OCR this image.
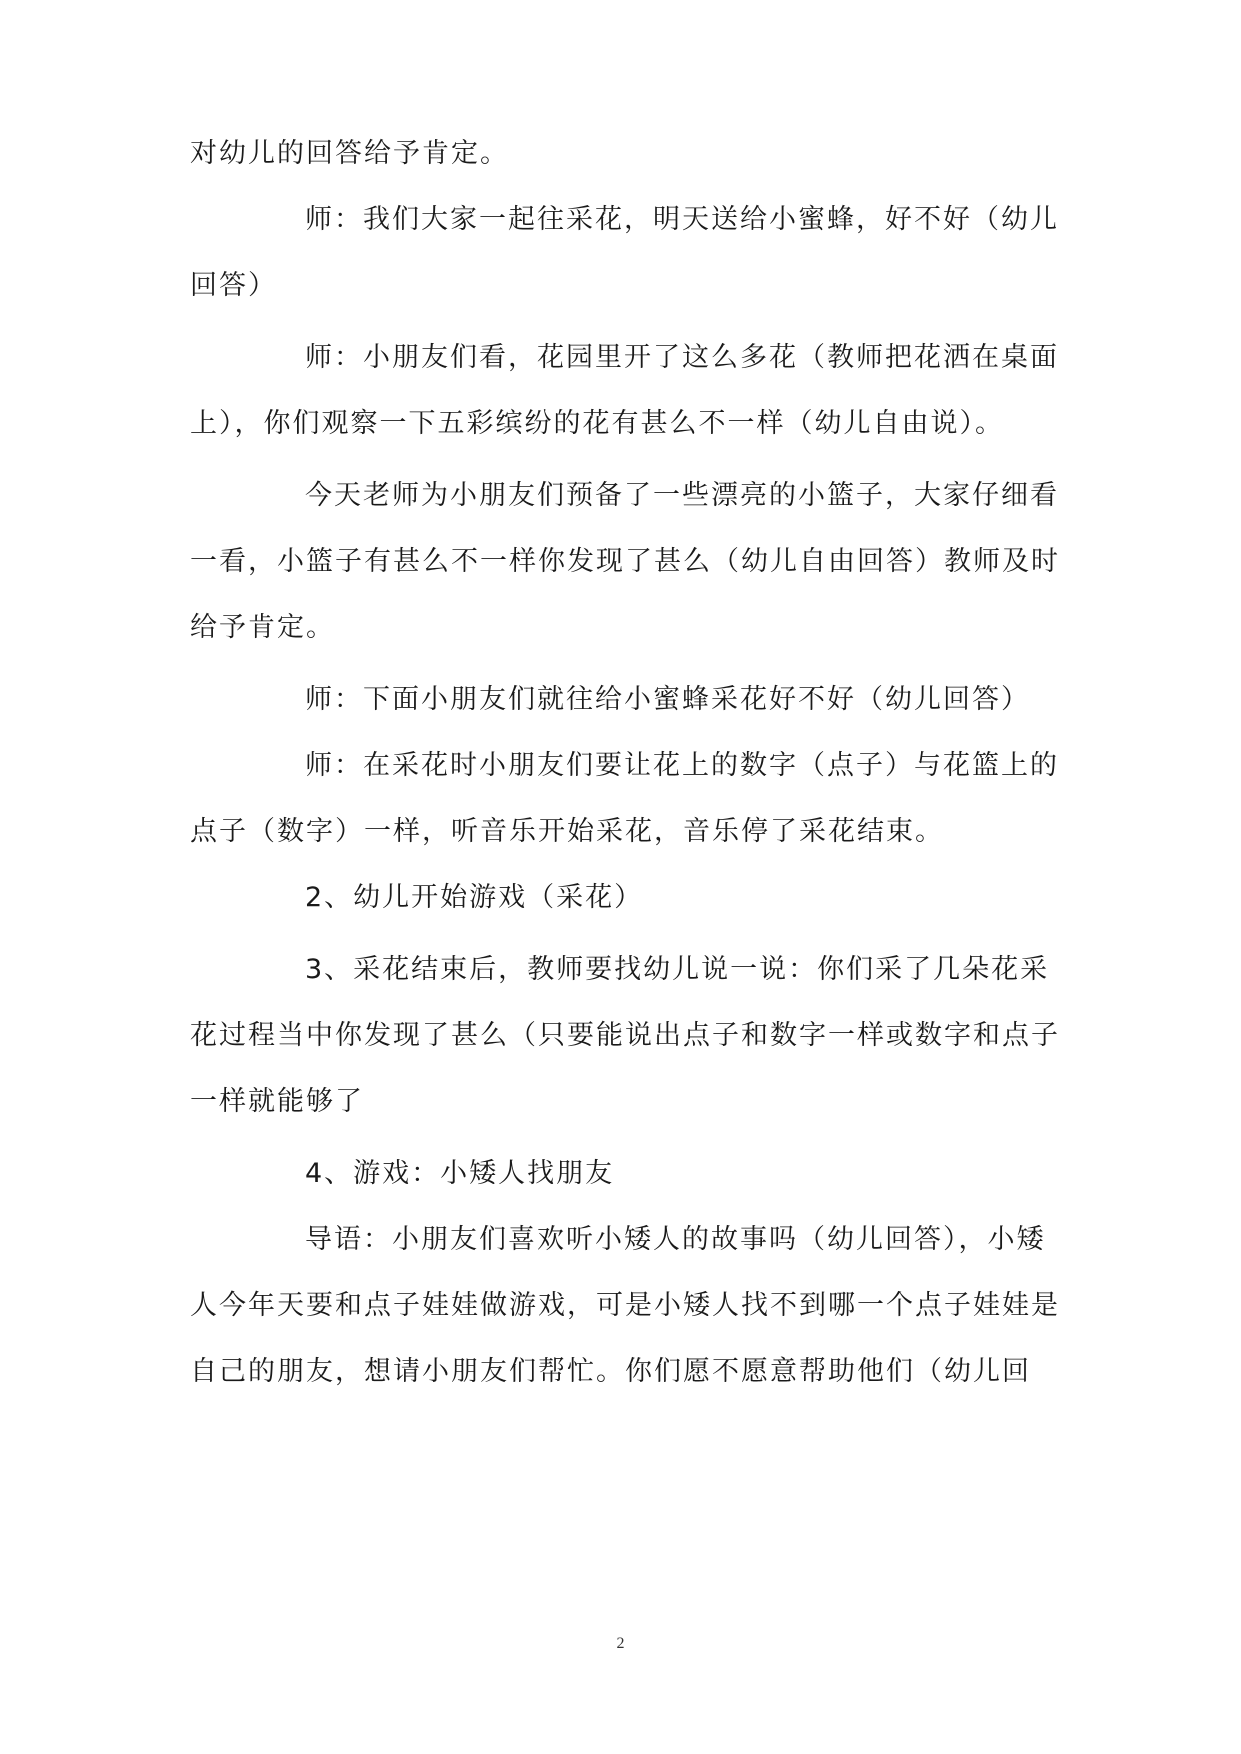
对幼儿的回答给予肯定。
师：我们大家一起往采花，明天送给小蜜蜂，好不好（幼儿
回答）
师：小朋友们看，花园里开了这么多花（教师把花洒在桌面
上），你们观察一下五彩缤纷的花有甚么不一样（幼儿自由说）。
今天老师为小朋友们预备了一些漂亮的小篮子，大家仔细看
一看，小篮子有甚么不一样你发现了甚么（幼儿自由回答）教师及时
给予肯定。
师：下面小朋友们就往给小蜜蜂采花好不好（幼儿回答）
师：在采花时小朋友们要让花上的数字（点子）与花篮上的
点子（数字）一样，听音乐开始采花，音乐停了采花结束。
2、幼儿开始游戏（采花）
3、采花结束后，教师要找幼儿说一说：你们采了几朵花采
花过程当中你发现了甚么（只要能说出点子和数字一样或数字和点子
一样就能够了
4、游戏：小矮人找朋友
导语：小朋友们喜欢听小矮人的故事吗（幼儿回答），小矮
人今年天要和点子娃娃做游戏，可是小矮人找不到哪一个点子娃娃是
自己的朋友，想请小朋友们帮忙。你们愿不愿意帮助他们（幼儿回
2
